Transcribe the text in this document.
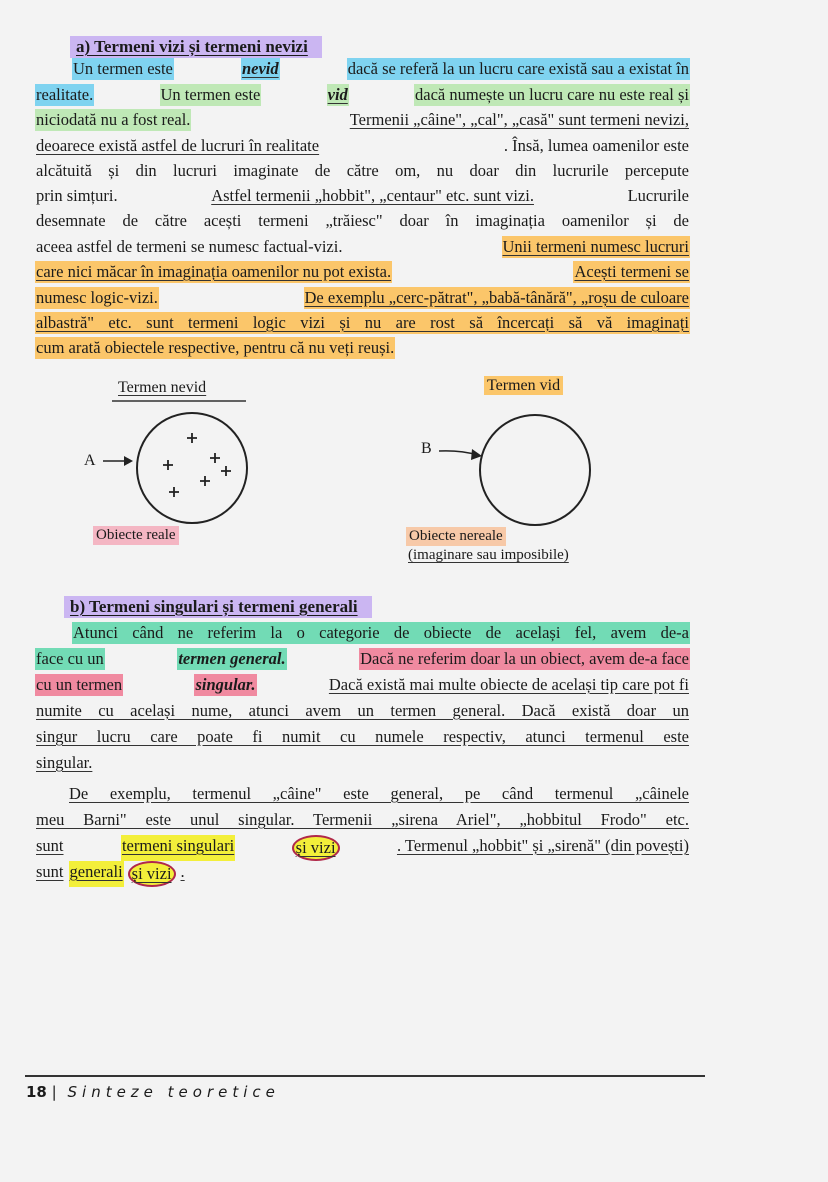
a) Termeni vizi și termeni nevizi
Un termen este	nevid	dacă se referă la un lucru care există sau a existat în
realitate.	Un termen este	vid	dacă numește un lucru care nu este real și
niciodată nu a fost real.	Termenii „câine", „cal", „casă" sunt termeni nevizi,
deoarece există astfel de lucruri în realitate	. Însă, lumea oamenilor este
alcătuită și din lucruri imaginate de către om, nu doar din lucrurile percepute
prin simțuri.	Astfel termenii „hobbit", „centaur" etc. sunt vizi.	Lucrurile
desemnate de către acești termeni „trăiesc" doar în imaginația oamenilor și de
aceea astfel de termeni se numesc factual-vizi.	Unii termeni numesc lucruri
care nici măcar în imaginația oamenilor nu pot exista.	Acești termeni se
numesc logic-vizi.	De exemplu „cerc-pătrat", „babă-tânără", „roșu de culoare
albastră" etc. sunt termeni logic vizi și nu are rost să încercați să vă imaginați
cum arată obiectele respective, pentru că nu veți reuși.
Termen nevid
A
Termen vid
B
Obiecte reale	Obiecte nereale
(imaginare sau imposibile)
b) Termeni singulari și termeni generali
Atunci când ne referim la o categorie de obiecte de același fel, avem de-a
face cu un	termen general.	Dacă ne referim doar la un obiect, avem de-a face
cu un termen	singular.	Dacă există mai multe obiecte de același tip care pot fi
numite cu același nume, atunci avem un termen general. Dacă există doar un
singur lucru care poate fi numit cu numele respectiv, atunci termenul este
singular.
De exemplu, termenul „câine" este general, pe când termenul „câinele
meu Barni" este unul singular. Termenii „sirena Ariel", „hobbitul Frodo" etc.
sunt	termeni singulari	și vizi	. Termenul „hobbit" și „sirenă" (din povești)
sunt generali și vizi .
18 | Sinteze teoretice
